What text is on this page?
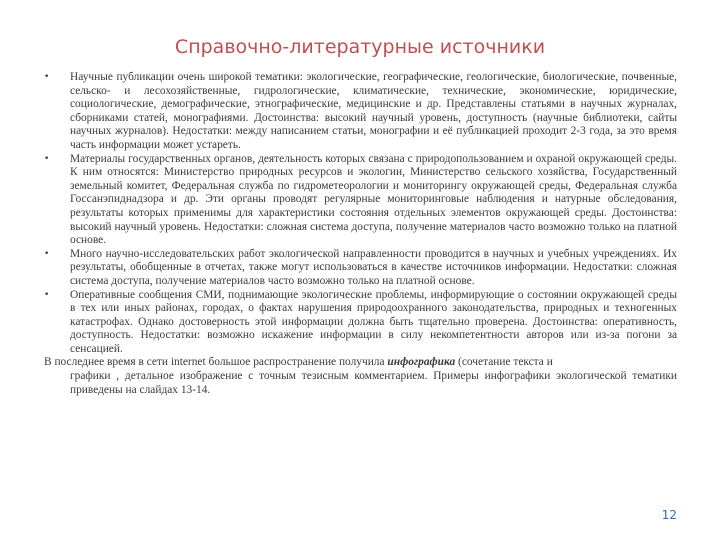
Справочно-литературные источники
• Научные публикации очень широкой тематики: экологические, географические, геологические, биологические, почвенные, сельско- и лесохозяйственные, гидрологические, климатические, технические, экономические, юридические, социологические, демографические, этнографические, медицинские и др. Представлены статьями в научных журналах, сборниками статей, монографиями. Достоинства: высокий научный уровень, доступность (научные библиотеки, сайты научных журналов). Недостатки: между написанием статьи, монографии и её публикацией проходит 2-3 года, за это время часть информации может устареть.
• Материалы государственных органов, деятельность которых связана с природопользованием и охраной окружающей среды. К ним относятся: Министерство природных ресурсов и экологии, Министерство сельского хозяйства, Государственный земельный комитет, Федеральная служба по гидрометеорологии и мониторингу окружающей среды, Федеральная служба Госсанэпиднадзора и др. Эти органы проводят регулярные мониторинговые наблюдения и натурные обследования, результаты которых применимы для характеристики состояния отдельных элементов окружающей среды. Достоинства: высокий научный уровень. Недостатки: сложная система доступа, получение материалов часто возможно только на платной основе.
• Много научно-исследовательских работ экологической направленности проводится в научных и учебных учреждениях. Их результаты, обобщенные в отчетах, также могут использоваться в качестве источников информации. Недостатки: сложная система доступа, получение материалов часто возможно только на платной основе.
• Оперативные сообщения СМИ, поднимающие экологические проблемы, информирующие о состоянии окружающей среды в тех или иных районах, городах, о фактах нарушения природоохранного законодательства, природных и техногенных катастрофах. Однако достоверность этой информации должна быть тщательно проверена. Достоинства: оперативность, доступность. Недостатки: возможно искажение информации в силу некомпетентности авторов или из-за погони за сенсацией.
В последнее время в сети internet большое распространение получила инфографика (сочетание текста и
графики , детальное изображение с точным тезисным комментарием. Примеры инфографики экологической тематики приведены на слайдах 13-14.
12
